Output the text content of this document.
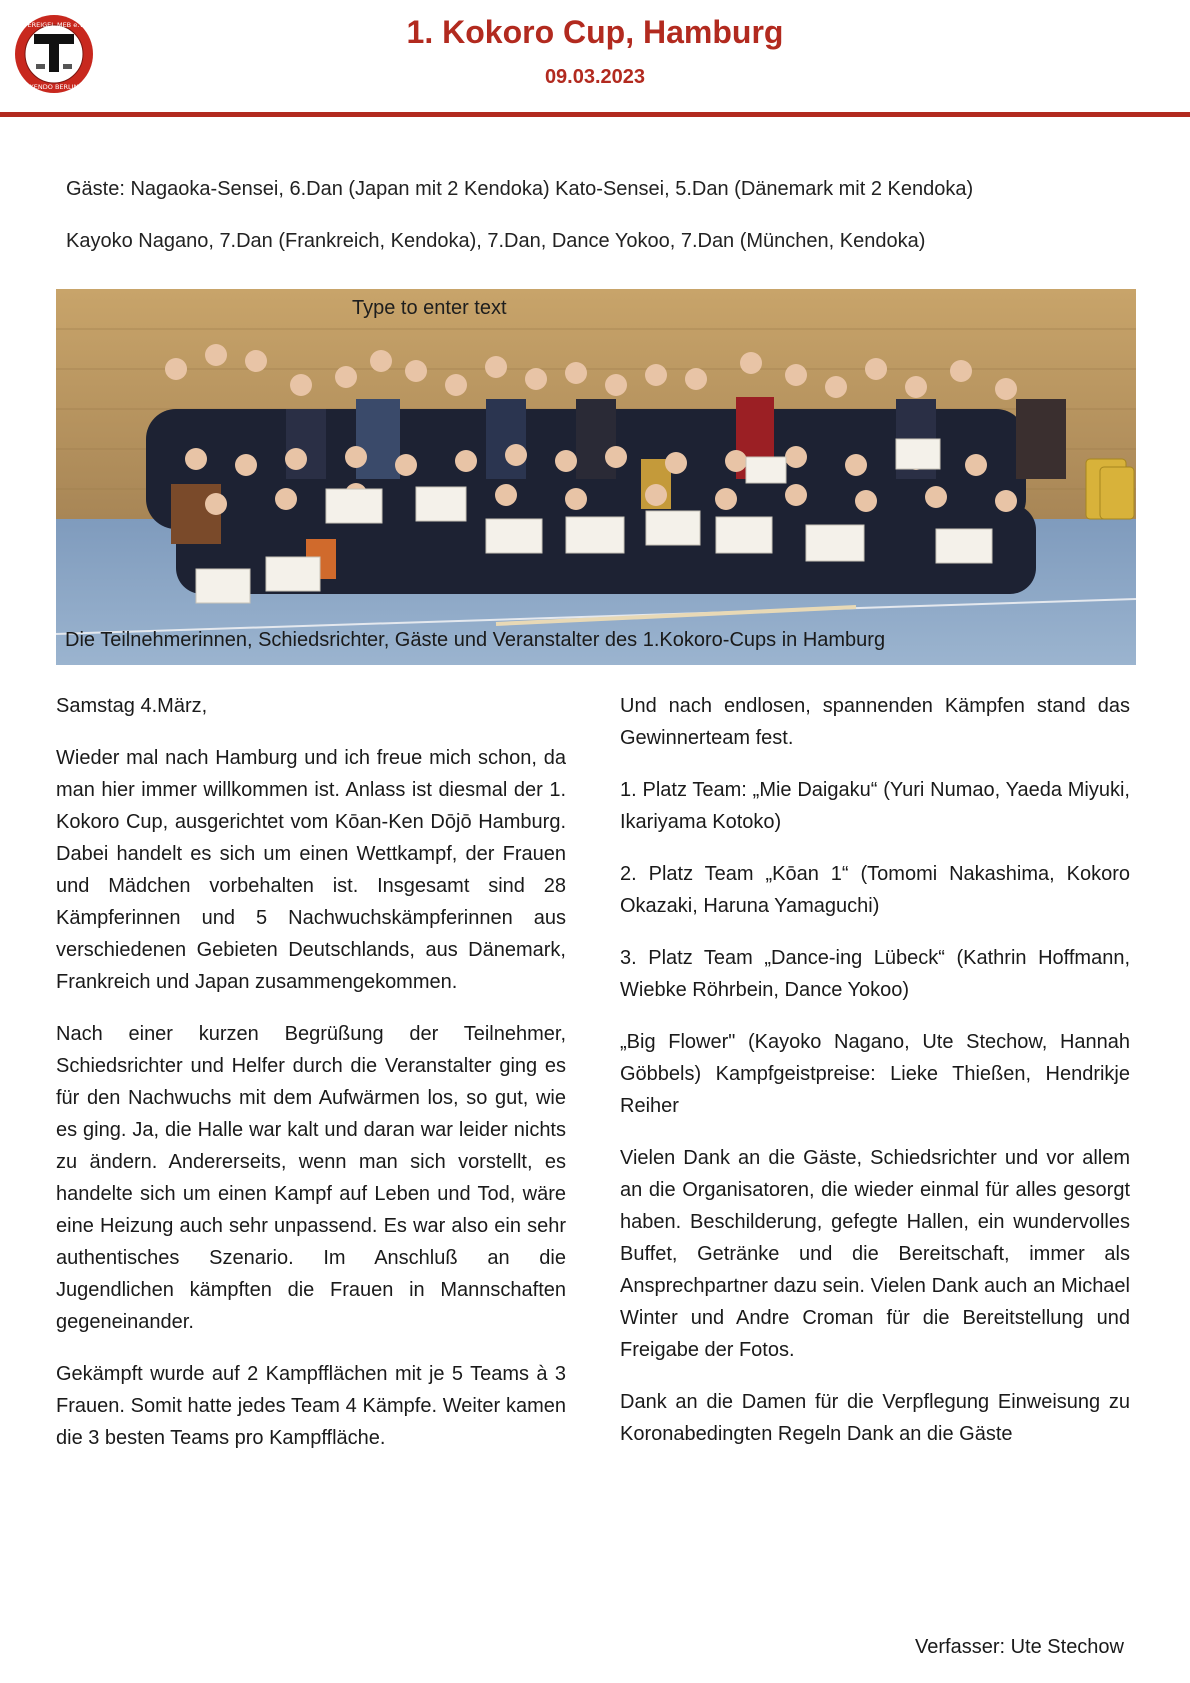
VEREIGEL MEB e.V.
KENDO BERLIN
1. Kokoro Cup, Hamburg
09.03.2023
Gäste: Nagaoka-Sensei, 6.Dan (Japan mit 2 Kendoka) Kato-Sensei, 5.Dan (Dänemark mit 2 Kendoka)
Kayoko Nagano, 7.Dan (Frankreich, Kendoka), 7.Dan, Dance Yokoo, 7.Dan (München, Kendoka)
Type to enter text
Die Teilnehmerinnen, Schiedsrichter, Gäste und Veranstalter des 1.Kokoro-Cups in Hamburg

Samstag 4.März,

Wieder mal nach Hamburg und ich freue mich schon, da man hier immer willkommen ist. Anlass ist diesmal der 1. Kokoro Cup, ausgerichtet vom Kōan-Ken Dōjō Hamburg. Dabei handelt es sich um einen Wettkampf, der Frauen und Mädchen vorbehalten ist. Insgesamt sind 28 Kämpferinnen und 5 Nachwuchskämpferinnen aus verschiedenen Gebieten Deutschlands, aus Dänemark, Frankreich und Japan zusammengekommen.

Nach einer kurzen Begrüßung der Teilnehmer, Schiedsrichter und Helfer durch die Veranstalter ging es für den Nachwuchs mit dem Aufwärmen los, so gut, wie es ging. Ja, die Halle war kalt und daran war leider nichts zu ändern. Andererseits, wenn man sich vorstellt, es handelte sich um einen Kampf auf Leben und Tod, wäre eine Heizung auch sehr unpassend. Es war also ein sehr authentisches Szenario. Im Anschluß an die Jugendlichen kämpften die Frauen in Mannschaften gegeneinander.

Gekämpft wurde auf 2 Kampfflächen mit je 5 Teams à 3 Frauen. Somit hatte jedes Team 4 Kämpfe. Weiter kamen die 3 besten Teams pro Kampffläche.

Und nach endlosen, spannenden Kämpfen stand das Gewinnerteam fest.

1. Platz Team: „Mie Daigaku“ (Yuri Numao, Yaeda Miyuki, Ikariyama Kotoko)

2. Platz Team „Kōan 1“ (Tomomi Nakashima, Kokoro Okazaki, Haruna Yamaguchi)

3. Platz Team „Dance-ing Lübeck“ (Kathrin Hoffmann, Wiebke Röhrbein, Dance Yokoo)

„Big Flower" (Kayoko Nagano, Ute Stechow, Hannah Göbbels) Kampfgeistpreise: Lieke Thießen, Hendrikje Reiher

Vielen Dank an die Gäste, Schiedsrichter und vor allem an die Organisatoren, die wieder einmal für alles gesorgt haben. Beschilderung, gefegte Hallen, ein wundervolles Buffet, Getränke und die Bereitschaft, immer als Ansprechpartner dazu sein. Vielen Dank auch an Michael Winter und Andre Croman für die Bereitstellung und Freigabe der Fotos.

Dank an die Damen für die Verpflegung Einweisung zu Koronabedingten Regeln Dank an die Gäste

Verfasser: Ute Stechow
